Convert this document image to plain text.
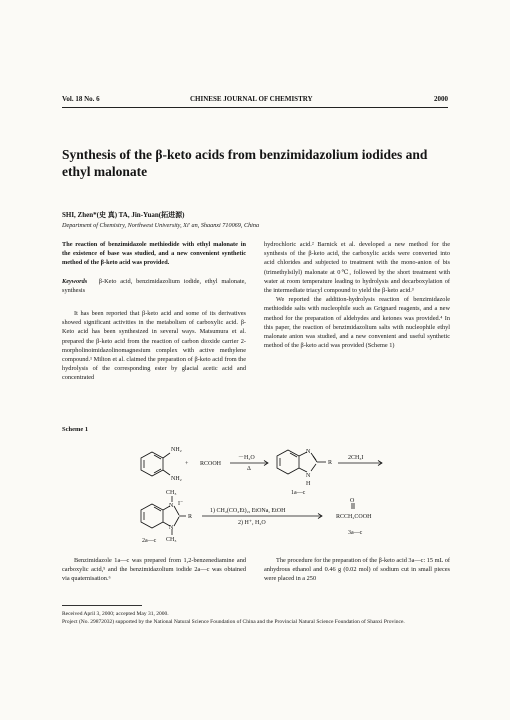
Vol. 18 No. 6	CHINESE JOURNAL OF CHEMISTRY	2000
Synthesis of the β-keto acids from benzimidazolium iodides and ethyl malonate
SHI, Zhen*(史 真) TA, Jin-Yuan(拓进源)
Department of Chemistry, Northwest University, Xi' an, Shaanxi 710069, China

The reaction of benzimidazole methiodide with ethyl malonate in the existence of base was studied, and a new convenient synthetic method of the β-keto acid was provided.

Keywords β-Keto acid, benzimidazolium iodide, ethyl malonate, synthesis

It has been reported that β-keto acid and some of its derivatives showed significant activities in the metabolism of carboxylic acid. β-Keto acid has been synthesized in several ways. Matsumura et al. prepared the β-keto acid from the reaction of carbon dioxide carrier 2-morpholinoimidazolinomagnesium complex with active methylene compound.¹ Milton et al. claimed the preparation of β-keto acid from the hydrolysis of the corresponding ester by glacial acetic acid and concentrated

hydrochloric acid.² Barnick et al. developed a new method for the synthesis of the β-keto acid, the carboxylic acids were converted into acid chlorides and subjected to treatment with the mono-anion of bis (trimethylsilyl) malonate at 0℃, followed by the short treatment with water at room temperature leading to hydrolysis and decarboxylation of the intermediate triacyl compound to yield the β-keto acid.³

We reported the addition-hydrolysis reaction of benzimidazole methiodide salts with nucleophile such as Grignard reagents, and a new method for the preparation of aldehydes and ketones was provided.⁴ In this paper, the reaction of benzimidazolium salts with nucleophile ethyl malonate anion was studied, and a new convenient and useful synthetic method of the β-keto acid was provided (Scheme 1)

Scheme 1
NH₂
NH₂
+ RCOOH
－H₂O
Δ
N
N
H
R
1a—c
2CH₃I
CH₃
N I⁻
N
CH₃
R
1) CH₂(CO₂Et)₂, EtONa, EtOH
2) H⁺, H₂O
O
RCCH₂COOH
3a—c
2a—c
Benzimidazole 1a—c was prepared from 1,2-benzenediamine and carboxylic acid,⁵ and the benzimidazolium iodide 2a—c was obtained via quaternisation.⁶
The procedure for the preparation of the β-keto acid 3a—c: 15 mL of anhydrous ethanol and 0.46 g (0.02 mol) of sodium cut in small pieces were placed in a 250

Received April 3, 2000; accepted May 31, 2000.

Project (No. 29872032) supported by the National Natural Science Foundation of China and the Provincial Natural Science Foundation of Shanxi Province.
